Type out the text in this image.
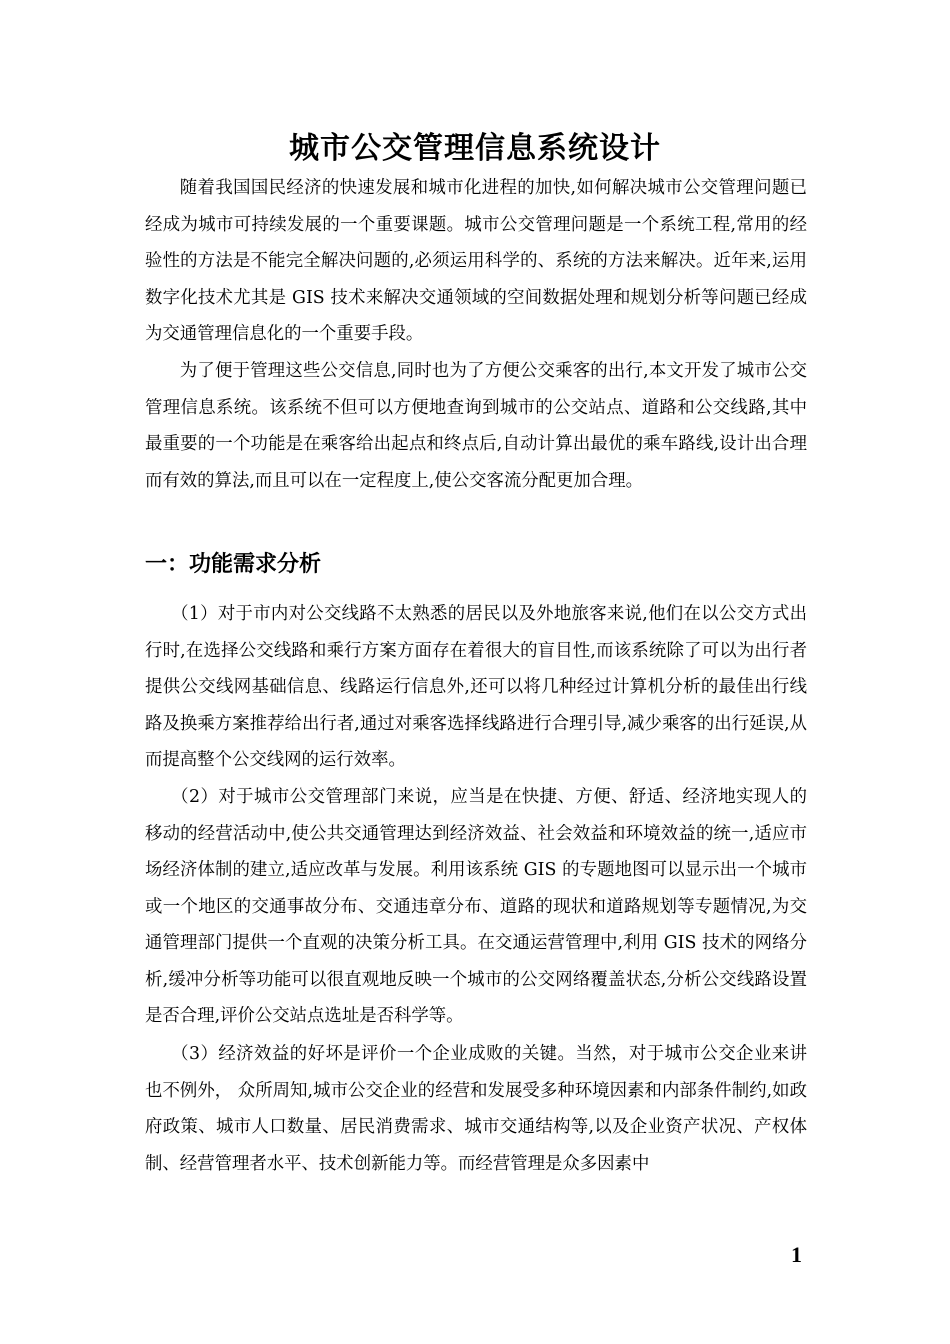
城市公交管理信息系统设计

随着我国国民经济的快速发展和城市化进程的加快,如何解决城市公交管理问题已经成为城市可持续发展的一个重要课题。城市公交管理问题是一个系统工程,常用的经验性的方法是不能完全解决问题的,必须运用科学的、系统的方法来解决。近年来,运用数字化技术尤其是 GIS 技术来解决交通领域的空间数据处理和规划分析等问题已经成为交通管理信息化的一个重要手段。

为了便于管理这些公交信息,同时也为了方便公交乘客的出行,本文开发了城市公交管理信息系统。该系统不但可以方便地查询到城市的公交站点、道路和公交线路,其中最重要的一个功能是在乘客给出起点和终点后,自动计算出最优的乘车路线,设计出合理而有效的算法,而且可以在一定程度上,使公交客流分配更加合理。

一：功能需求分析

（1）对于市内对公交线路不太熟悉的居民以及外地旅客来说,他们在以公交方式出行时,在选择公交线路和乘行方案方面存在着很大的盲目性,而该系统除了可以为出行者提供公交线网基础信息、线路运行信息外,还可以将几种经过计算机分析的最佳出行线路及换乘方案推荐给出行者,通过对乘客选择线路进行合理引导,减少乘客的出行延误,从而提高整个公交线网的运行效率。

（2）对于城市公交管理部门来说，应当是在快捷、方便、舒适、经济地实现人的移动的经营活动中,使公共交通管理达到经济效益、社会效益和环境效益的统一,适应市场经济体制的建立,适应改革与发展。利用该系统 GIS 的专题地图可以显示出一个城市或一个地区的交通事故分布、交通违章分布、道路的现状和道路规划等专题情况,为交通管理部门提供一个直观的决策分析工具。在交通运营管理中,利用 GIS 技术的网络分析,缓冲分析等功能可以很直观地反映一个城市的公交网络覆盖状态,分析公交线路设置是否合理,评价公交站点选址是否科学等。

（3）经济效益的好坏是评价一个企业成败的关键。当然，对于城市公交企业来讲也不例外， 众所周知,城市公交企业的经营和发展受多种环境因素和内部条件制约,如政府政策、城市人口数量、居民消费需求、城市交通结构等,以及企业资产状况、产权体制、经营管理者水平、技术创新能力等。而经营管理是众多因素中

1
